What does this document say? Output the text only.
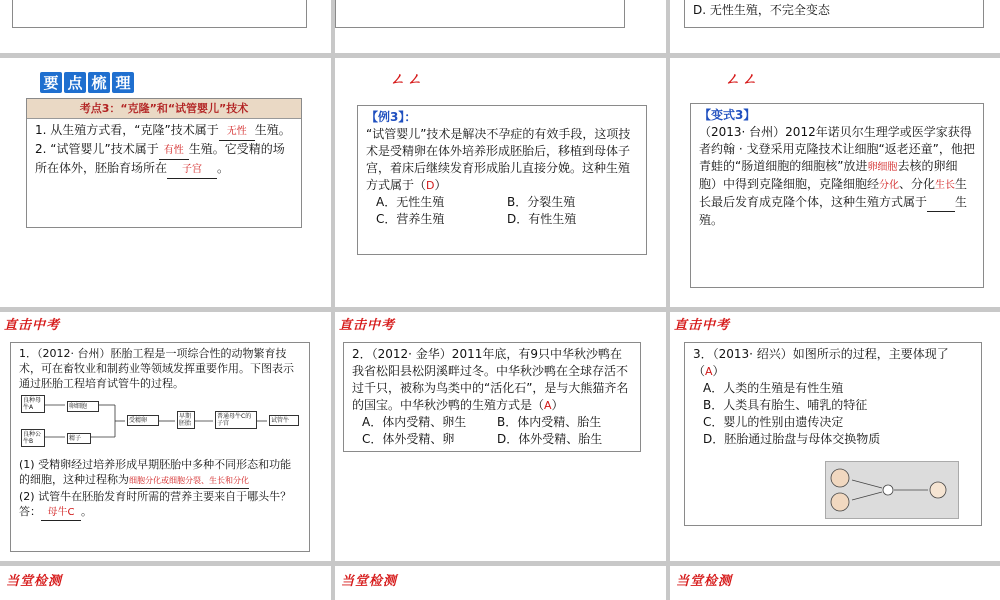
D. 无性生殖，不完全变态
要 点 梳 理
考点3：“克隆”和“试管婴儿”技术
1. 从生殖方式看，“克隆”技术属于 无性 生殖。
2. “试管婴儿”技术属于 有性 生殖。它受精的场所在体外，胚胎育场所在 子宫 。
ㄥㄥ
【例3】：
“试管婴儿”技术是解决不孕症的有效手段，这项技术是受精卵在体外培养形成胚胎后，移植到母体子宫，着床后继续发育形成胎儿直接分娩。这种生殖方式属于（D）
A．无性生殖	B．分裂生殖
C．营养生殖	D．有性生殖
ㄥㄥ
【变式3】
（2013· 台州）2012年诺贝尔生理学或医学家获得者约翰 · 戈登采用克隆技术让细胞“返老还童”，他把青蛙的“肠道细胞的细胞核”放进卵细胞去核的卵细胞）中得到克隆细胞，克隆细胞经分化、分化生长生长最后发育成克隆个体，这种生殖方式属于 生殖。
直击中考
1．（2012· 台州）胚胎工程是一项综合性的动物繁育技术，可在畜牧业和制药业等领域发挥重要作用。下图表示通过胚胎工程培育试管牛的过程。
良种母牛A	卵细胞
良种公牛B	精子
受精卵
早期胚胎
普通母牛C的子宫	试管牛
(1) 受精卵经过培养形成早期胚胎中多种不同形态和功能的细胞，这种过程称为细胞分化或细胞分裂、生长和分化
(2) 试管牛在胚胎发育时所需的营养主要来自于哪头牛？答： 母牛C 。
直击中考
2．（2012· 金华）2011年底，有9只中华秋沙鸭在我省松阳县松阴溪畔过冬。中华秋沙鸭在全球存活不过千只，被称为鸟类中的“活化石”，是与大熊猫齐名的国宝。中华秋沙鸭的生殖方式是（A）
A．体内受精、卵生	B．体内受精、胎生
C．体外受精、卵	D．体外受精、胎生
直击中考
3．（2013· 绍兴）如图所示的过程，主要体现了（A）
A．人类的生殖是有性生殖
B．人类具有胎生、哺乳的特征
C．婴儿的性别由遗传决定
D．胚胎通过胎盘与母体交换物质
当堂检测	当堂检测	当堂检测
